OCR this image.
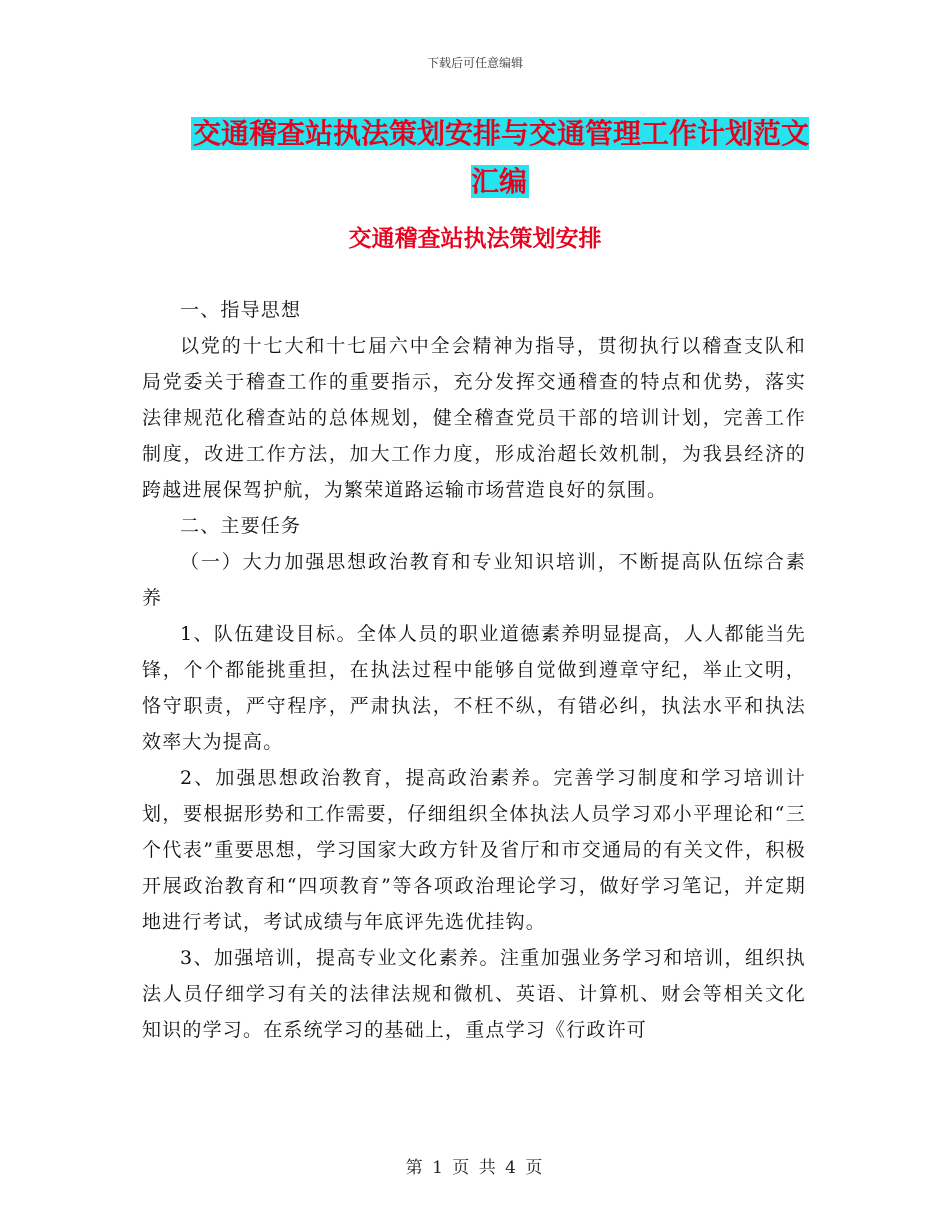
下载后可任意编辑
交通稽查站执法策划安排与交通管理工作计划范文汇编
交通稽查站执法策划安排

一、指导思想

以党的十七大和十七届六中全会精神为指导，贯彻执行以稽查支队和局党委关于稽查工作的重要指示，充分发挥交通稽查的特点和优势，落实法律规范化稽查站的总体规划，健全稽查党员干部的培训计划，完善工作制度，改进工作方法，加大工作力度，形成治超长效机制，为我县经济的跨越进展保驾护航，为繁荣道路运输市场营造良好的氛围。

二、主要任务

（一）大力加强思想政治教育和专业知识培训，不断提高队伍综合素养

1、队伍建设目标。全体人员的职业道德素养明显提高，人人都能当先锋，个个都能挑重担，在执法过程中能够自觉做到遵章守纪，举止文明，恪守职责，严守程序，严肃执法，不枉不纵，有错必纠，执法水平和执法效率大为提高。

2、加强思想政治教育，提高政治素养。完善学习制度和学习培训计划，要根据形势和工作需要，仔细组织全体执法人员学习邓小平理论和“三个代表”重要思想，学习国家大政方针及省厅和市交通局的有关文件，积极开展政治教育和“四项教育”等各项政治理论学习，做好学习笔记，并定期地进行考试，考试成绩与年底评先选优挂钩。

3、加强培训，提高专业文化素养。注重加强业务学习和培训，组织执法人员仔细学习有关的法律法规和微机、英语、计算机、财会等相关文化知识的学习。在系统学习的基础上，重点学习《行政许可

第 1 页 共 4 页
